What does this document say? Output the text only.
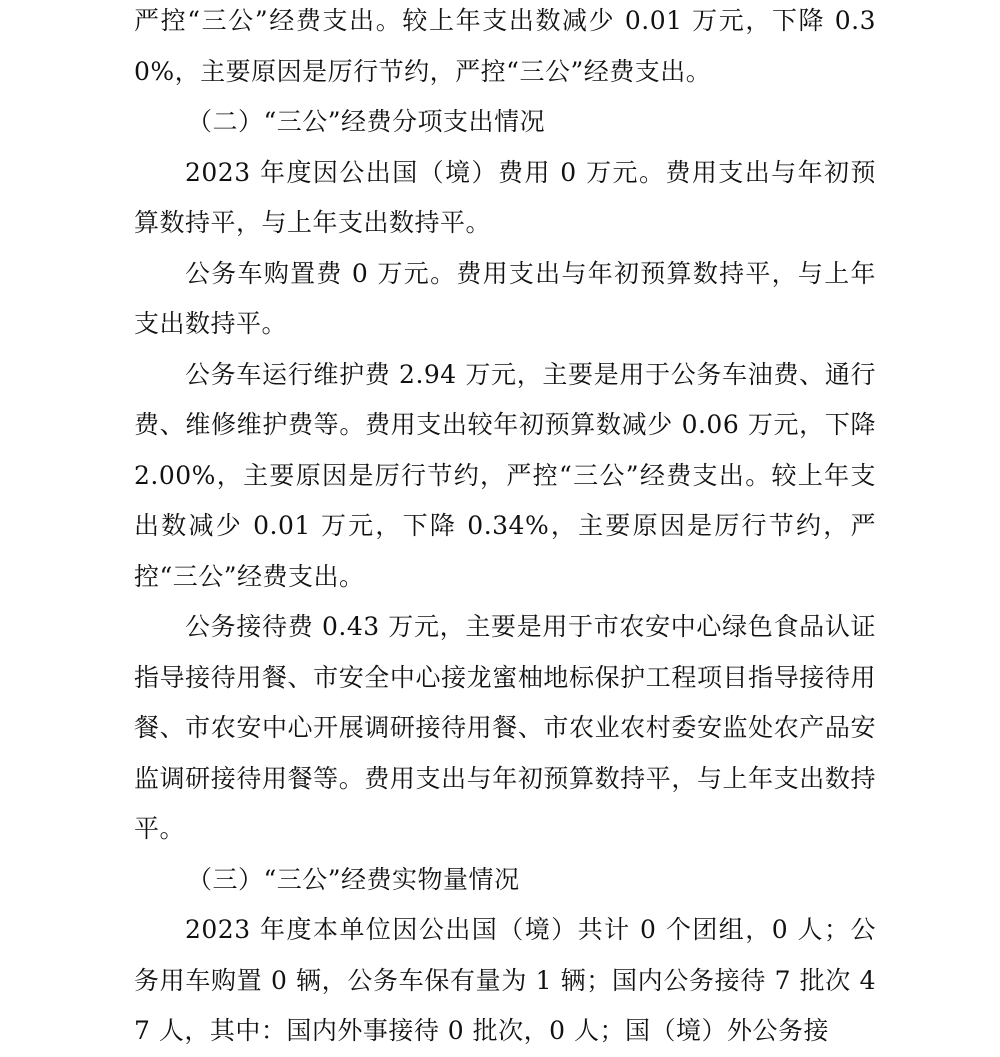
严控“三公”经费支出。较上年支出数减少 0.01 万元，下降 0.30%，主要原因是厉行节约，严控“三公”经费支出。

（二）“三公”经费分项支出情况

2023 年度因公出国（境）费用 0 万元。费用支出与年初预算数持平，与上年支出数持平。

公务车购置费 0 万元。费用支出与年初预算数持平，与上年支出数持平。

公务车运行维护费 2.94 万元，主要是用于公务车油费、通行费、维修维护费等。费用支出较年初预算数减少 0.06 万元，下降 2.00%，主要原因是厉行节约，严控“三公”经费支出。较上年支出数减少 0.01 万元，下降 0.34%，主要原因是厉行节约，严控“三公”经费支出。

公务接待费 0.43 万元，主要是用于市农安中心绿色食品认证指导接待用餐、市安全中心接龙蜜柚地标保护工程项目指导接待用餐、市农安中心开展调研接待用餐、市农业农村委安监处农产品安监调研接待用餐等。费用支出与年初预算数持平，与上年支出数持平。

（三）“三公”经费实物量情况

2023 年度本单位因公出国（境）共计 0 个团组，0 人；公务用车购置 0 辆，公务车保有量为 1 辆；国内公务接待 7 批次 47 人，其中：国内外事接待 0 批次，0 人；国（境）外公务接
